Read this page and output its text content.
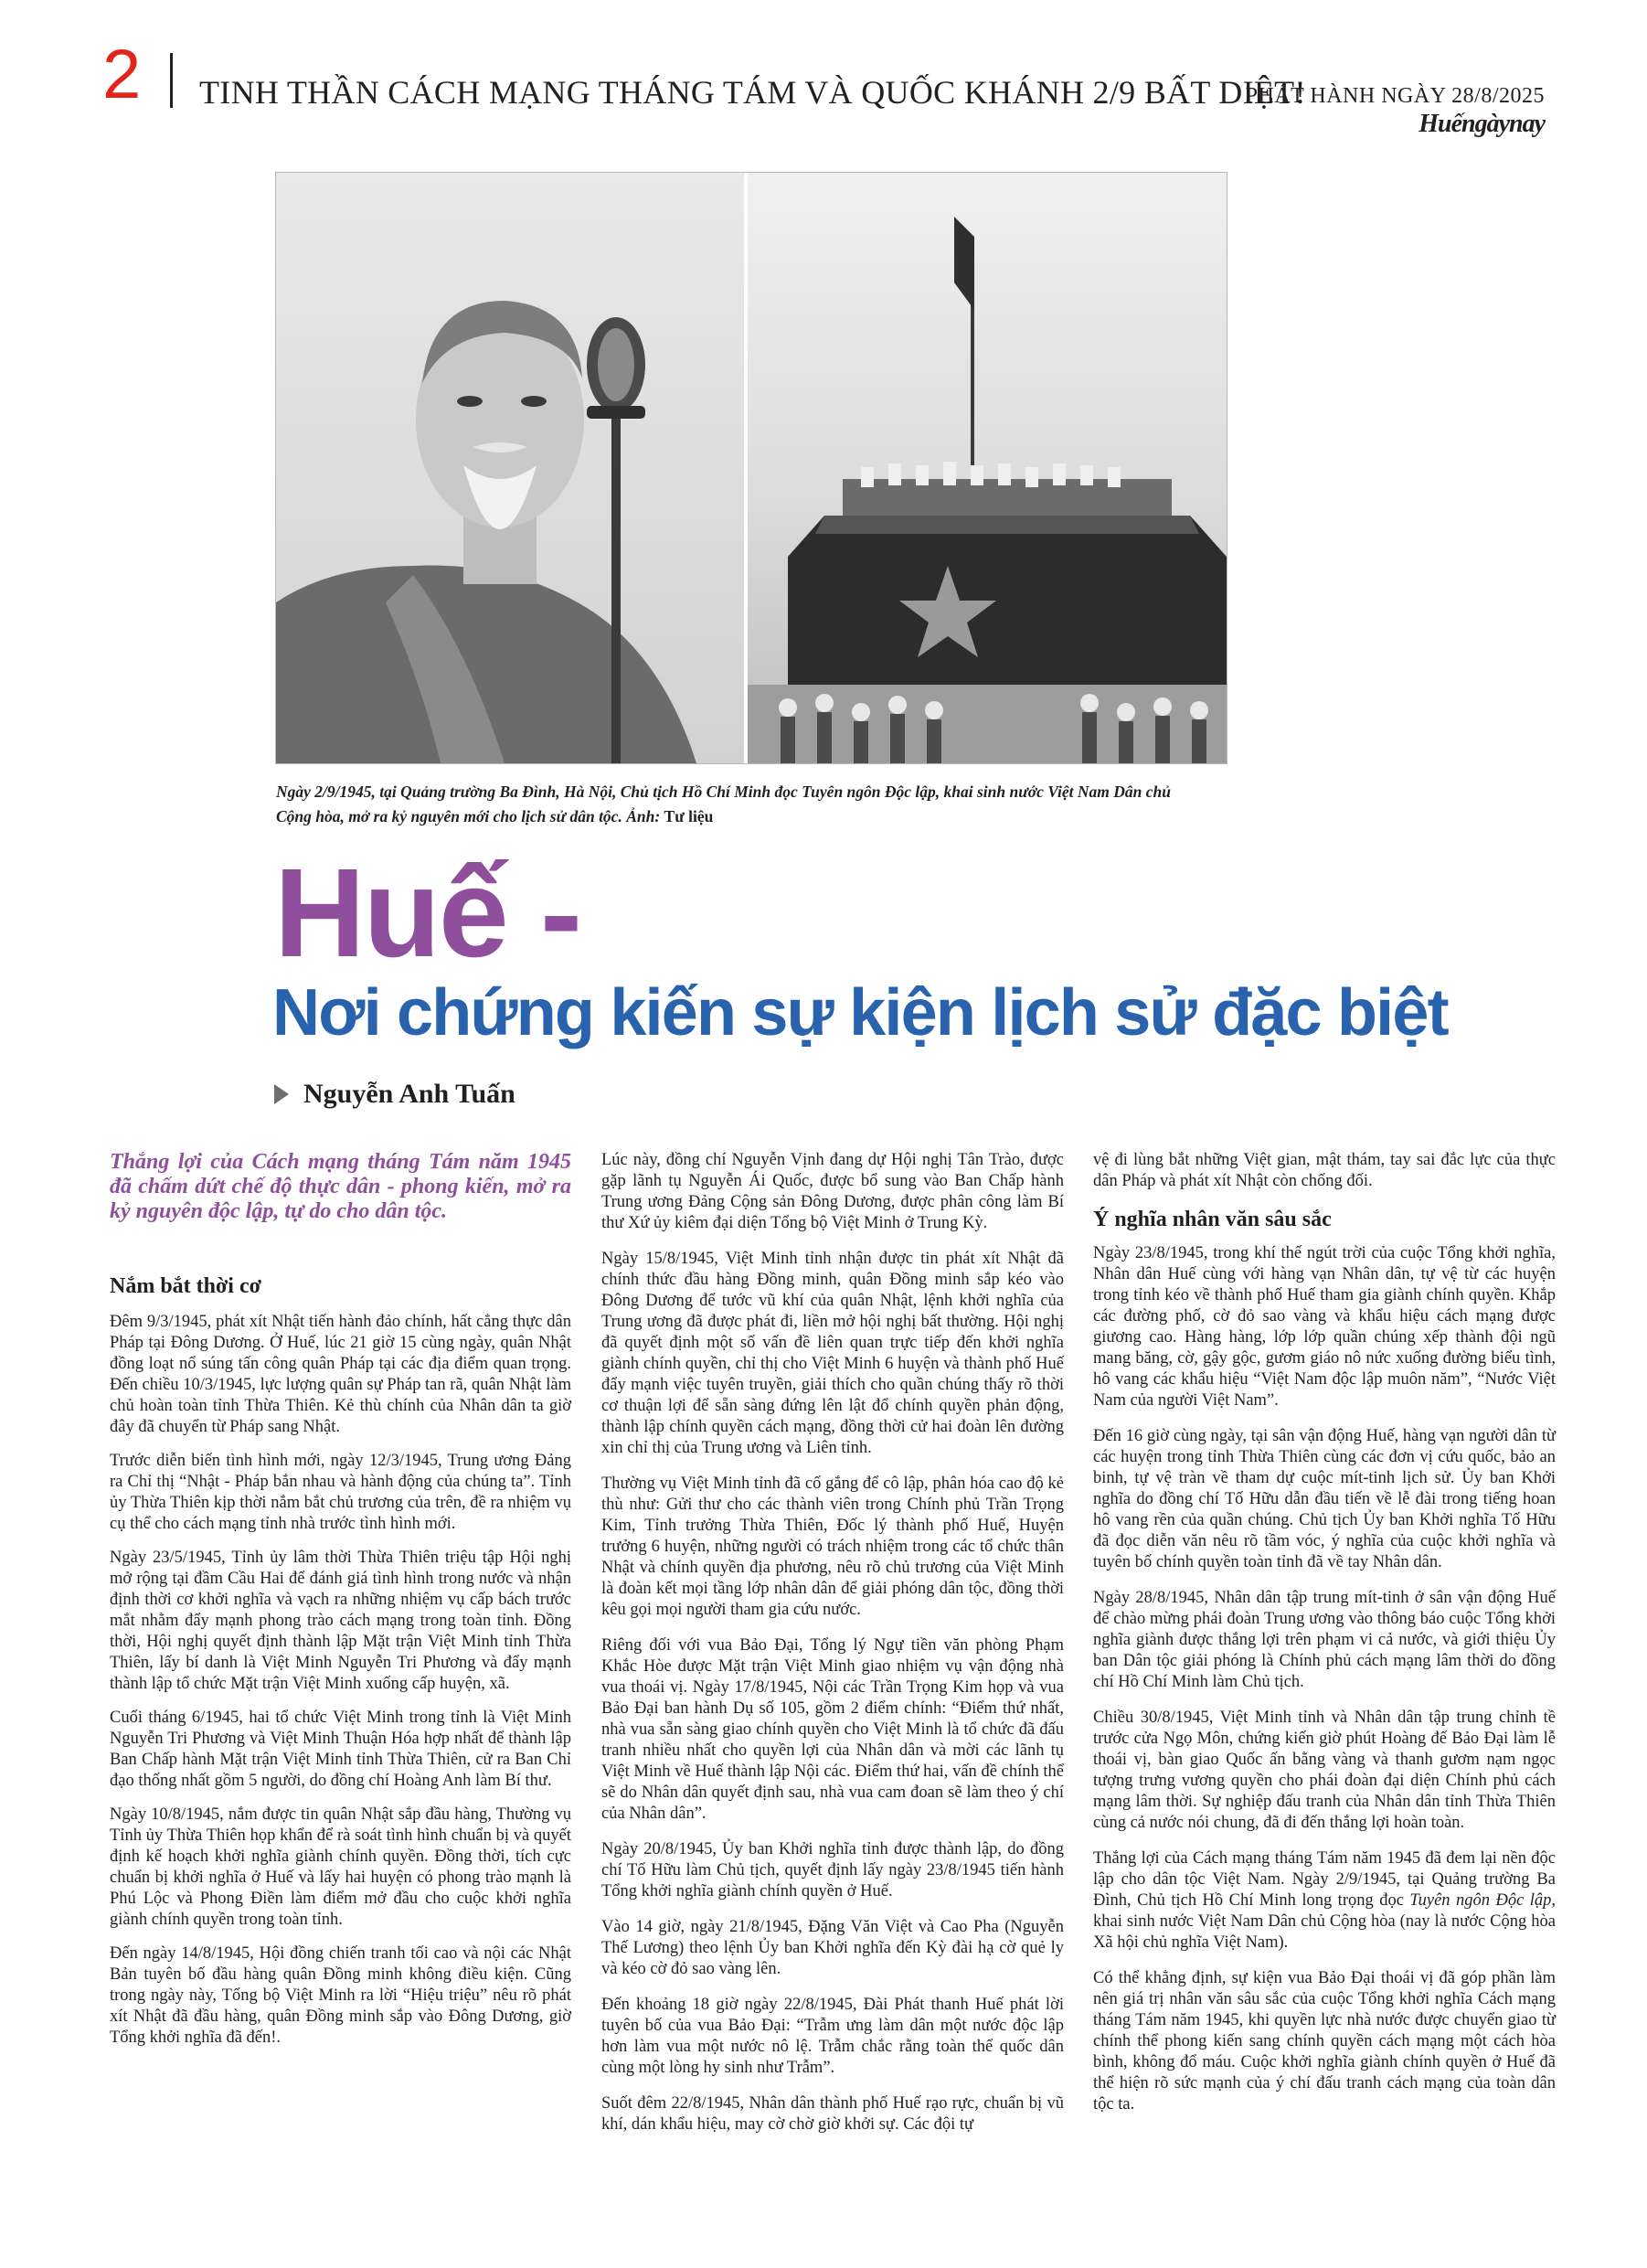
2 TINH THẦN CÁCH MẠNG THÁNG TÁM VÀ QUỐC KHÁNH 2/9 BẤT DIỆT!
PHÁT HÀNH NGÀY 28/8/2025
Huếngàynay
Ngày 2/9/1945, tại Quảng trường Ba Đình, Hà Nội, Chủ tịch Hồ Chí Minh đọc Tuyên ngôn Độc lập, khai sinh nước Việt Nam Dân chủ Cộng hòa, mở ra kỷ nguyên mới cho lịch sử dân tộc. Ảnh: Tư liệu
Huế -
Nơi chứng kiến sự kiện lịch sử đặc biệt
Nguyễn Anh Tuấn
Thắng lợi của Cách mạng tháng Tám năm 1945 đã chấm dứt chế độ thực dân - phong kiến, mở ra kỷ nguyên độc lập, tự do cho dân tộc.
Nắm bắt thời cơ

Đêm 9/3/1945, phát xít Nhật tiến hành đảo chính, hất cẳng thực dân Pháp tại Đông Dương. Ở Huế, lúc 21 giờ 15 cùng ngày, quân Nhật đồng loạt nổ súng tấn công quân Pháp tại các địa điểm quan trọng. Đến chiều 10/3/1945, lực lượng quân sự Pháp tan rã, quân Nhật làm chủ hoàn toàn tỉnh Thừa Thiên. Kẻ thù chính của Nhân dân ta giờ đây đã chuyển từ Pháp sang Nhật.

Trước diễn biến tình hình mới, ngày 12/3/1945, Trung ương Đảng ra Chỉ thị “Nhật - Pháp bắn nhau và hành động của chúng ta”. Tỉnh ủy Thừa Thiên kịp thời nắm bắt chủ trương của trên, đề ra nhiệm vụ cụ thể cho cách mạng tỉnh nhà trước tình hình mới.

Ngày 23/5/1945, Tỉnh ủy lâm thời Thừa Thiên triệu tập Hội nghị mở rộng tại đầm Cầu Hai để đánh giá tình hình trong nước và nhận định thời cơ khởi nghĩa và vạch ra những nhiệm vụ cấp bách trước mắt nhằm đẩy mạnh phong trào cách mạng trong toàn tỉnh. Đồng thời, Hội nghị quyết định thành lập Mặt trận Việt Minh tỉnh Thừa Thiên, lấy bí danh là Việt Minh Nguyễn Tri Phương và đẩy mạnh thành lập tổ chức Mặt trận Việt Minh xuống cấp huyện, xã.

Cuối tháng 6/1945, hai tổ chức Việt Minh trong tỉnh là Việt Minh Nguyễn Tri Phương và Việt Minh Thuận Hóa hợp nhất để thành lập Ban Chấp hành Mặt trận Việt Minh tỉnh Thừa Thiên, cử ra Ban Chỉ đạo thống nhất gồm 5 người, do đồng chí Hoàng Anh làm Bí thư.

Ngày 10/8/1945, nắm được tin quân Nhật sắp đầu hàng, Thường vụ Tỉnh ủy Thừa Thiên họp khẩn để rà soát tình hình chuẩn bị và quyết định kế hoạch khởi nghĩa giành chính quyền. Đồng thời, tích cực chuẩn bị khởi nghĩa ở Huế và lấy hai huyện có phong trào mạnh là Phú Lộc và Phong Điền làm điểm mở đầu cho cuộc khởi nghĩa giành chính quyền trong toàn tỉnh.

Đến ngày 14/8/1945, Hội đồng chiến tranh tối cao và nội các Nhật Bản tuyên bố đầu hàng quân Đồng minh không điều kiện. Cũng trong ngày này, Tổng bộ Việt Minh ra lời “Hiệu triệu” nêu rõ phát xít Nhật đã đầu hàng, quân Đồng minh sắp vào Đông Dương, giờ Tổng khởi nghĩa đã đến!.

Lúc này, đồng chí Nguyễn Vịnh đang dự Hội nghị Tân Trào, được gặp lãnh tụ Nguyễn Ái Quốc, được bổ sung vào Ban Chấp hành Trung ương Đảng Cộng sản Đông Dương, được phân công làm Bí thư Xứ ủy kiêm đại diện Tổng bộ Việt Minh ở Trung Kỳ.

Ngày 15/8/1945, Việt Minh tỉnh nhận được tin phát xít Nhật đã chính thức đầu hàng Đồng minh, quân Đồng minh sắp kéo vào Đông Dương để tước vũ khí của quân Nhật, lệnh khởi nghĩa của Trung ương đã được phát đi, liền mở hội nghị bất thường. Hội nghị đã quyết định một số vấn đề liên quan trực tiếp đến khởi nghĩa giành chính quyền, chỉ thị cho Việt Minh 6 huyện và thành phố Huế đẩy mạnh việc tuyên truyền, giải thích cho quần chúng thấy rõ thời cơ thuận lợi để sẵn sàng đứng lên lật đổ chính quyền phản động, thành lập chính quyền cách mạng, đồng thời cử hai đoàn lên đường xin chỉ thị của Trung ương và Liên tỉnh.

Thường vụ Việt Minh tỉnh đã cố gắng để cô lập, phân hóa cao độ kẻ thù như: Gửi thư cho các thành viên trong Chính phủ Trần Trọng Kim, Tỉnh trưởng Thừa Thiên, Đốc lý thành phố Huế, Huyện trưởng 6 huyện, những người có trách nhiệm trong các tổ chức thân Nhật và chính quyền địa phương, nêu rõ chủ trương của Việt Minh là đoàn kết mọi tầng lớp nhân dân để giải phóng dân tộc, đồng thời kêu gọi mọi người tham gia cứu nước.

Riêng đối với vua Bảo Đại, Tổng lý Ngự tiền văn phòng Phạm Khắc Hòe được Mặt trận Việt Minh giao nhiệm vụ vận động nhà vua thoái vị. Ngày 17/8/1945, Nội các Trần Trọng Kim họp và vua Bảo Đại ban hành Dụ số 105, gồm 2 điểm chính: “Điểm thứ nhất, nhà vua sẵn sàng giao chính quyền cho Việt Minh là tổ chức đã đấu tranh nhiều nhất cho quyền lợi của Nhân dân và mời các lãnh tụ Việt Minh về Huế thành lập Nội các. Điểm thứ hai, vấn đề chính thể sẽ do Nhân dân quyết định sau, nhà vua cam đoan sẽ làm theo ý chí của Nhân dân”.

Ngày 20/8/1945, Ủy ban Khởi nghĩa tỉnh được thành lập, do đồng chí Tố Hữu làm Chủ tịch, quyết định lấy ngày 23/8/1945 tiến hành Tổng khởi nghĩa giành chính quyền ở Huế.

Vào 14 giờ, ngày 21/8/1945, Đặng Văn Việt và Cao Pha (Nguyễn Thế Lương) theo lệnh Ủy ban Khởi nghĩa đến Kỳ đài hạ cờ quẻ ly và kéo cờ đỏ sao vàng lên.

Đến khoảng 18 giờ ngày 22/8/1945, Đài Phát thanh Huế phát lời tuyên bố của vua Bảo Đại: “Trẫm ưng làm dân một nước độc lập hơn làm vua một nước nô lệ. Trẫm chắc rằng toàn thể quốc dân cùng một lòng hy sinh như Trẫm”.

Suốt đêm 22/8/1945, Nhân dân thành phố Huế rạo rực, chuẩn bị vũ khí, dán khẩu hiệu, may cờ chờ giờ khởi sự. Các đội tự

vệ đi lùng bắt những Việt gian, mật thám, tay sai đắc lực của thực dân Pháp và phát xít Nhật còn chống đối.

Ý nghĩa nhân văn sâu sắc

Ngày 23/8/1945, trong khí thế ngút trời của cuộc Tổng khởi nghĩa, Nhân dân Huế cùng với hàng vạn Nhân dân, tự vệ từ các huyện trong tỉnh kéo về thành phố Huế tham gia giành chính quyền. Khắp các đường phố, cờ đỏ sao vàng và khẩu hiệu cách mạng được giương cao. Hàng hàng, lớp lớp quần chúng xếp thành đội ngũ mang băng, cờ, gậy gộc, gươm giáo nô nức xuống đường biểu tình, hô vang các khẩu hiệu “Việt Nam độc lập muôn năm”, “Nước Việt Nam của người Việt Nam”.

Đến 16 giờ cùng ngày, tại sân vận động Huế, hàng vạn người dân từ các huyện trong tỉnh Thừa Thiên cùng các đơn vị cứu quốc, bảo an binh, tự vệ tràn về tham dự cuộc mít-tinh lịch sử. Ủy ban Khởi nghĩa do đồng chí Tố Hữu dẫn đầu tiến về lễ đài trong tiếng hoan hô vang rền của quần chúng. Chủ tịch Ủy ban Khởi nghĩa Tố Hữu đã đọc diễn văn nêu rõ tầm vóc, ý nghĩa của cuộc khởi nghĩa và tuyên bố chính quyền toàn tỉnh đã về tay Nhân dân.

Ngày 28/8/1945, Nhân dân tập trung mít-tinh ở sân vận động Huế để chào mừng phái đoàn Trung ương vào thông báo cuộc Tổng khởi nghĩa giành được thắng lợi trên phạm vi cả nước, và giới thiệu Ủy ban Dân tộc giải phóng là Chính phủ cách mạng lâm thời do đồng chí Hồ Chí Minh làm Chủ tịch.

Chiều 30/8/1945, Việt Minh tỉnh và Nhân dân tập trung chỉnh tề trước cửa Ngọ Môn, chứng kiến giờ phút Hoàng đế Bảo Đại làm lễ thoái vị, bàn giao Quốc ấn bằng vàng và thanh gươm nạm ngọc tượng trưng vương quyền cho phái đoàn đại diện Chính phủ cách mạng lâm thời. Sự nghiệp đấu tranh của Nhân dân tỉnh Thừa Thiên cùng cả nước nói chung, đã đi đến thắng lợi hoàn toàn.

Thắng lợi của Cách mạng tháng Tám năm 1945 đã đem lại nền độc lập cho dân tộc Việt Nam. Ngày 2/9/1945, tại Quảng trường Ba Đình, Chủ tịch Hồ Chí Minh long trọng đọc Tuyên ngôn Độc lập, khai sinh nước Việt Nam Dân chủ Cộng hòa (nay là nước Cộng hòa Xã hội chủ nghĩa Việt Nam).

Có thể khẳng định, sự kiện vua Bảo Đại thoái vị đã góp phần làm nên giá trị nhân văn sâu sắc của cuộc Tổng khởi nghĩa Cách mạng tháng Tám năm 1945, khi quyền lực nhà nước được chuyển giao từ chính thể phong kiến sang chính quyền cách mạng một cách hòa bình, không đổ máu. Cuộc khởi nghĩa giành chính quyền ở Huế đã thể hiện rõ sức mạnh của ý chí đấu tranh cách mạng của toàn dân tộc ta.
